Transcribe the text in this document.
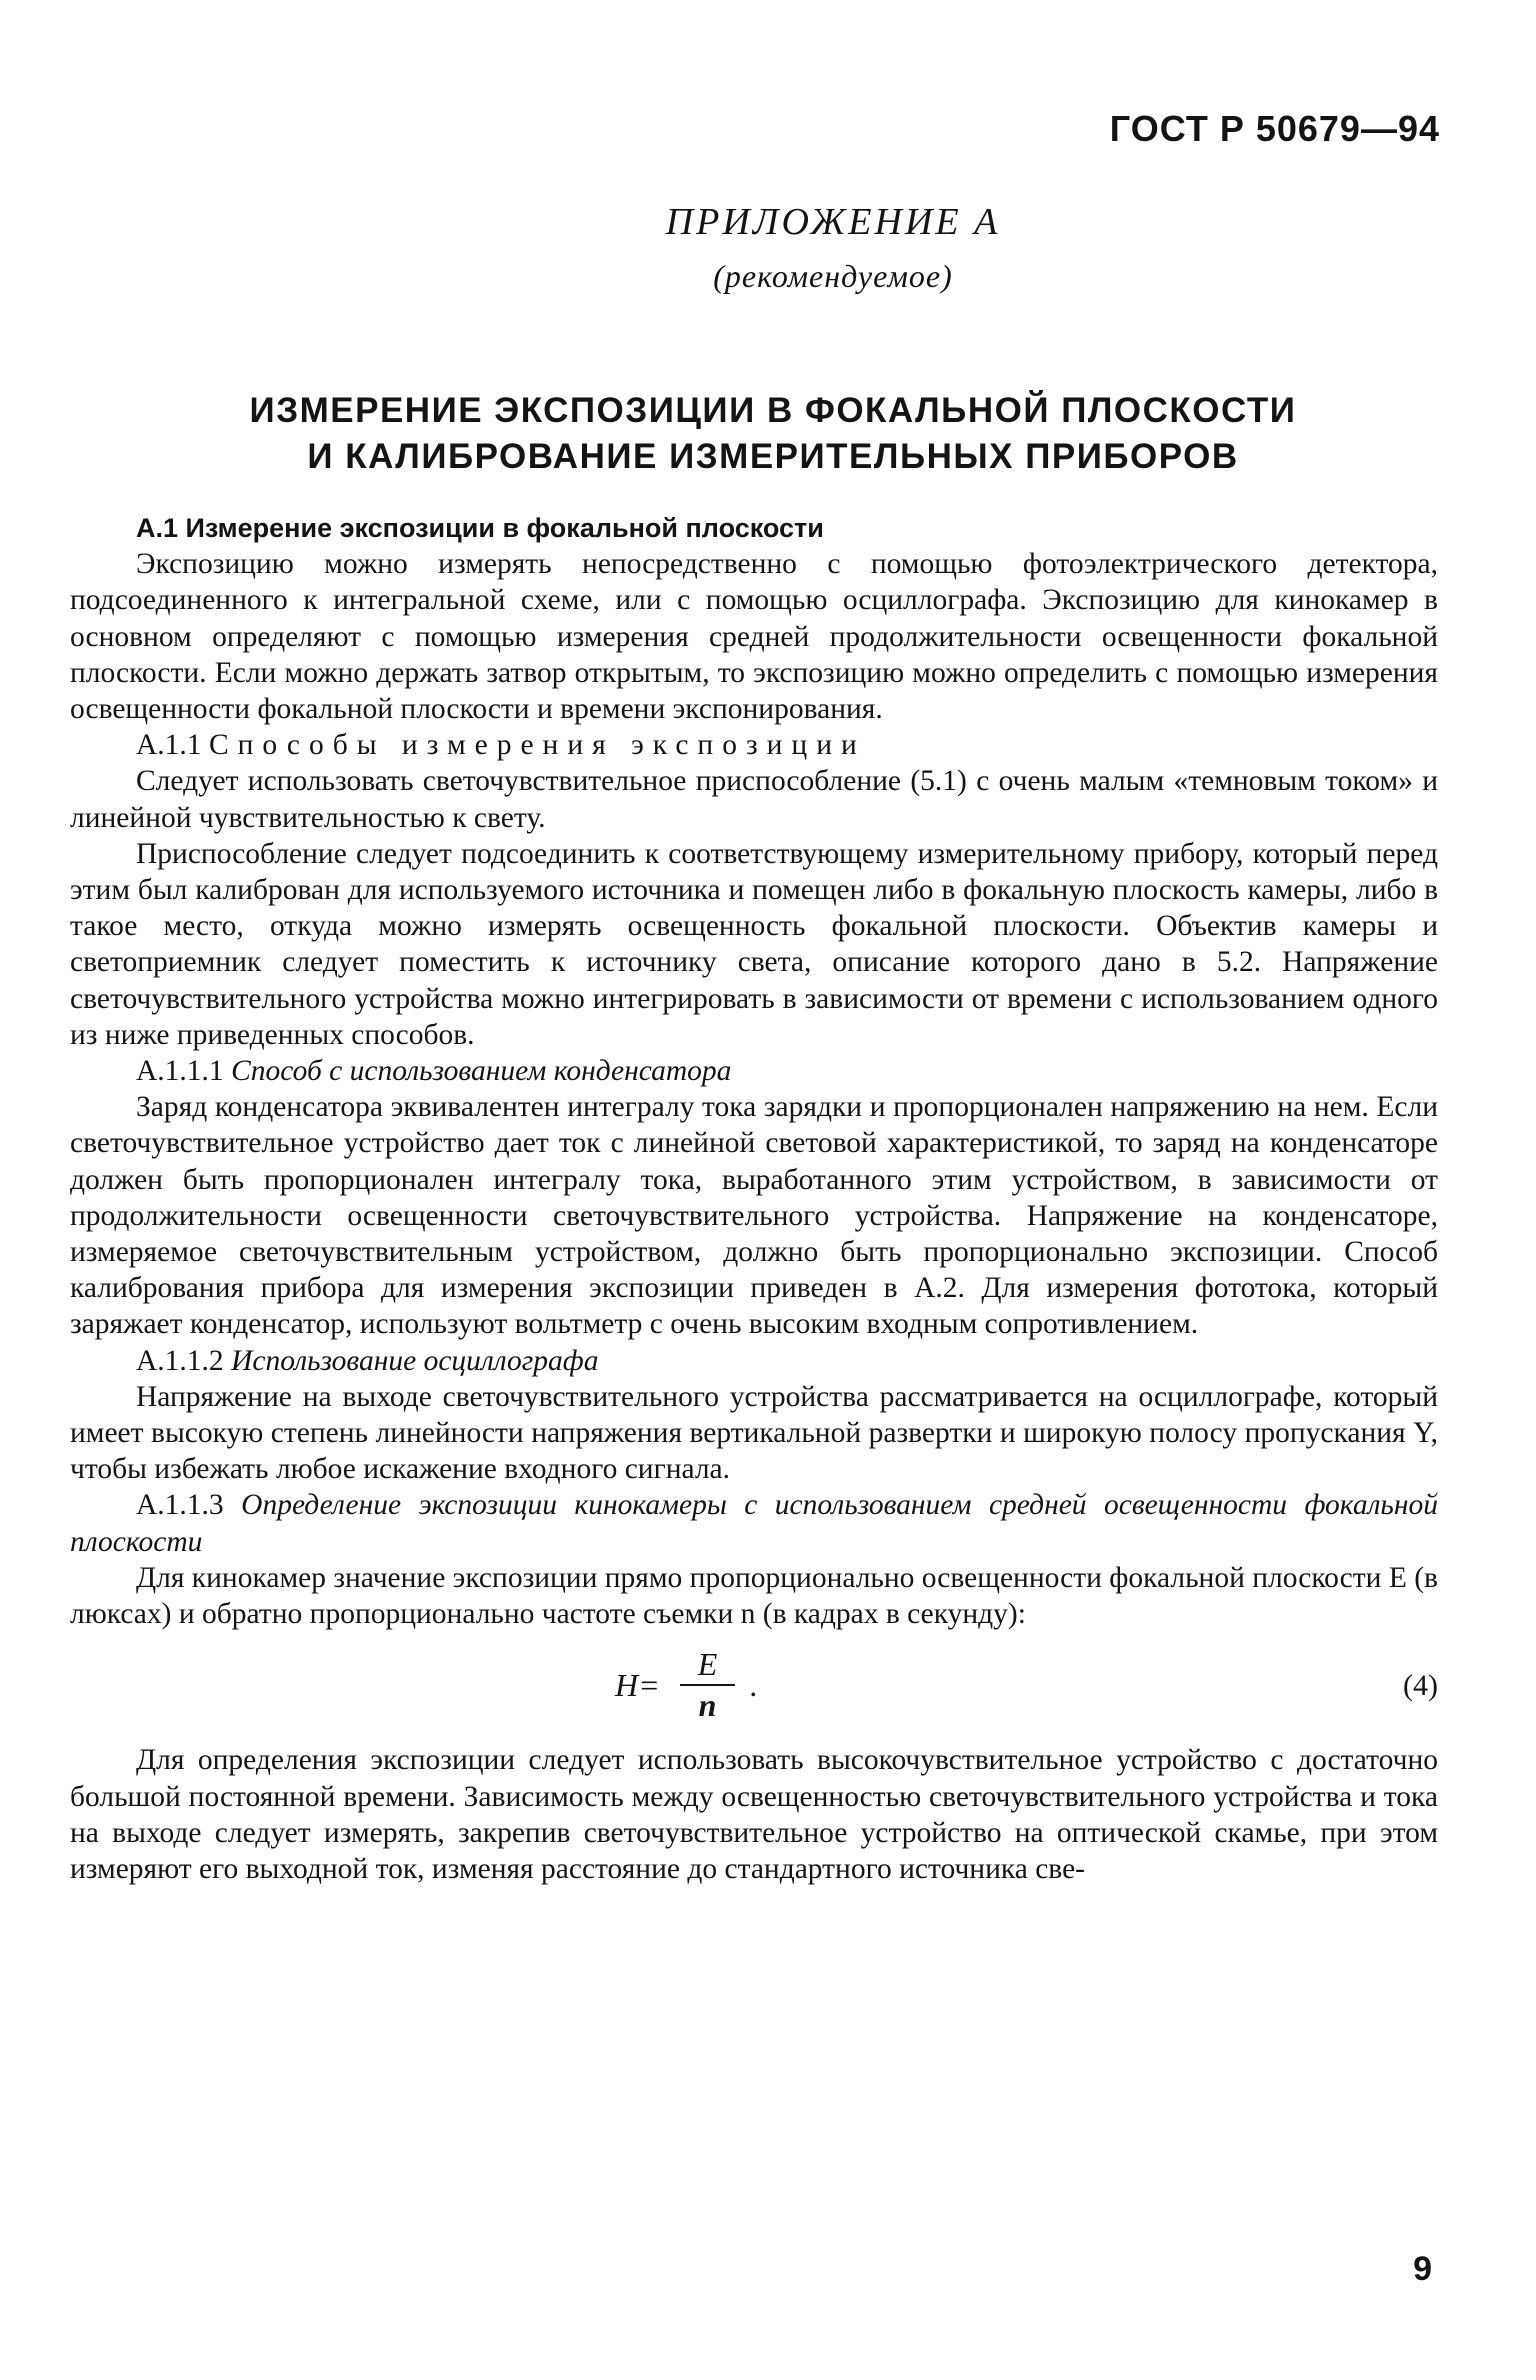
ГОСТ Р 50679—94
ПРИЛОЖЕНИЕ А
(рекомендуемое)
ИЗМЕРЕНИЕ ЭКСПОЗИЦИИ В ФОКАЛЬНОЙ ПЛОСКОСТИ
И КАЛИБРОВАНИЕ ИЗМЕРИТЕЛЬНЫХ ПРИБОРОВ

А.1 Измерение экспозиции в фокальной плоскости

Экспозицию можно измерять непосредственно с помощью фотоэлектрического детектора, подсоединенного к интегральной схеме, или с помощью осциллографа. Экспозицию для кинокамер в основном определяют с помощью измерения средней продолжительности освещенности фокальной плоскости. Если можно держать затвор открытым, то экспозицию можно определить с помощью измерения освещенности фокальной плоскости и времени экспонирования.

А.1.1 Способы измерения экспозиции

Следует использовать светочувствительное приспособление (5.1) с очень малым «темновым током» и линейной чувствительностью к свету.

Приспособление следует подсоединить к соответствующему измерительному прибору, который перед этим был калиброван для используемого источника и помещен либо в фокальную плоскость камеры, либо в такое место, откуда можно измерять освещенность фокальной плоскости. Объектив камеры и светоприемник следует поместить к источнику света, описание которого дано в 5.2. Напряжение светочувствительного устройства можно интегрировать в зависимости от времени с использованием одного из ниже приведенных способов.

А.1.1.1 Способ с использованием конденсатора

Заряд конденсатора эквивалентен интегралу тока зарядки и пропорционален напряжению на нем. Если светочувствительное устройство дает ток с линейной световой характеристикой, то заряд на конденсаторе должен быть пропорционален интегралу тока, выработанного этим устройством, в зависимости от продолжительности освещенности светочувствительного устройства. Напряжение на конденсаторе, измеряемое светочувствительным устройством, должно быть пропорционально экспозиции. Способ калибрования прибора для измерения экспозиции приведен в А.2. Для измерения фототока, который заряжает конденсатор, используют вольтметр с очень высоким входным сопротивлением.

А.1.1.2 Использование осциллографа

Напряжение на выходе светочувствительного устройства рассматривается на осциллографе, который имеет высокую степень линейности напряжения вертикальной развертки и широкую полосу пропускания Y, чтобы избежать любое искажение входного сигнала.

А.1.1.3 Определение экспозиции кинокамеры с использованием средней освещенности фокальной плоскости

Для кинокамер значение экспозиции прямо пропорционально освещенности фокальной плоскости E (в люксах) и обратно пропорционально частоте съемки n (в кадрах в секунду):

$H= \frac{E}{n}$ .	(4)

Для определения экспозиции следует использовать высокочувствительное устройство с достаточно большой постоянной времени. Зависимость между освещенностью светочувствительного устройства и тока на выходе следует измерять, закрепив светочувствительное устройство на оптической скамье, при этом измеряют его выходной ток, изменяя расстояние до стандартного источника све-

9
